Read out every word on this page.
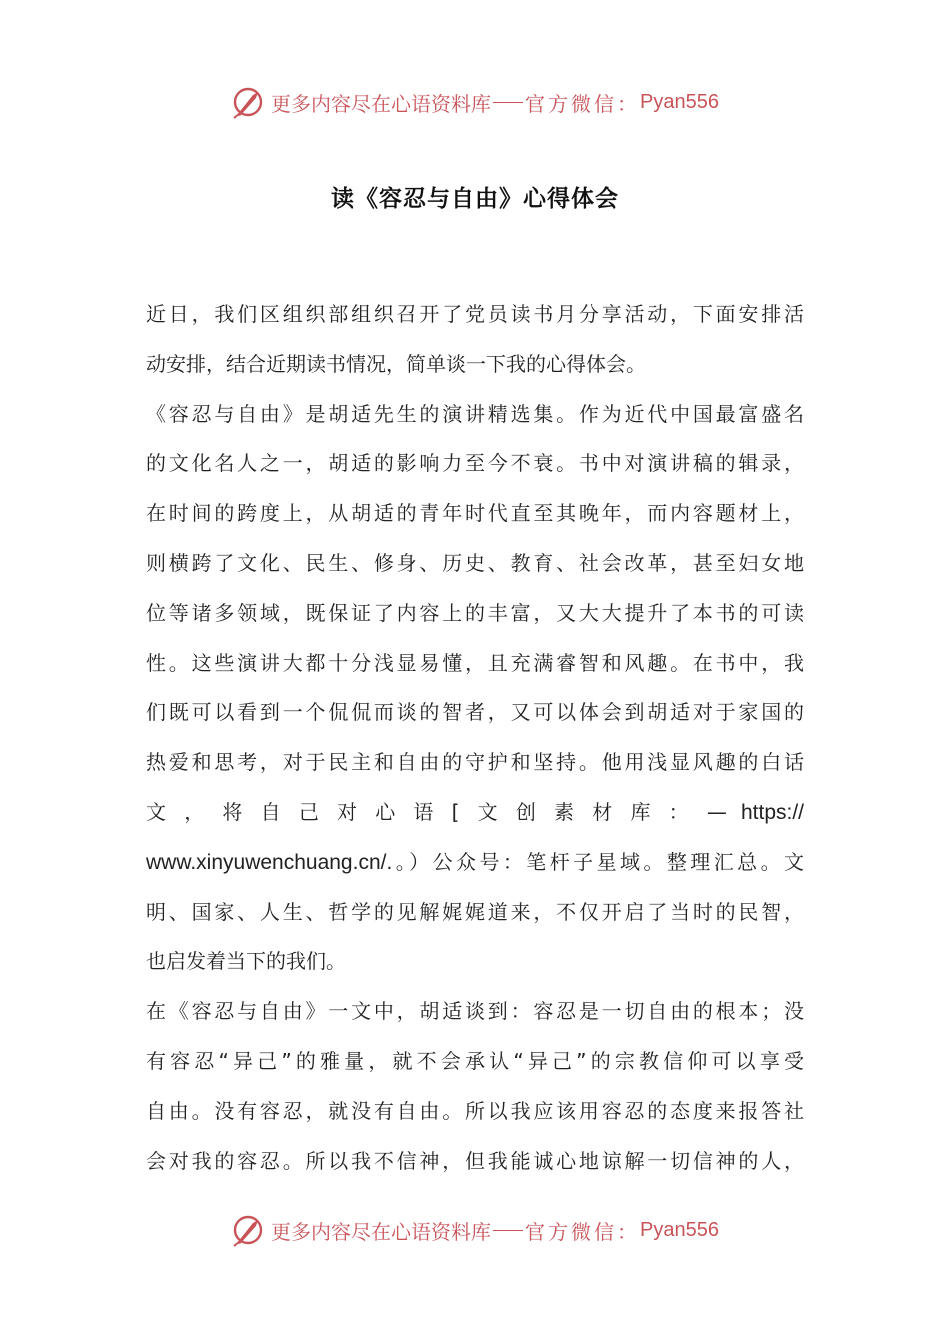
更多内容尽在心语资料库 官方微信： Pyan556
读《容忍与自由》心得体会
近日，我们区组织部组织召开了党员读书月分享活动，下面安排活
动安排，结合近期读书情况，简单谈一下我的心得体会。
《容忍与自由》是胡适先生的演讲精选集。作为近代中国最富盛名
的文化名人之一，胡适的影响力至今不衰。书中对演讲稿的辑录，
在时间的跨度上，从胡适的青年时代直至其晚年，而内容题材上，
则横跨了文化、民生、修身、历史、教育、社会改革，甚至妇女地
位等诸多领域，既保证了内容上的丰富，又大大提升了本书的可读
性。这些演讲大都十分浅显易懂，且充满睿智和风趣。在书中，我
们既可以看到一个侃侃而谈的智者，又可以体会到胡适对于家国的
热爱和思考，对于民主和自由的守护和坚持。他用浅显风趣的白话
文 ， 将 自 己 对 心 语 [ 文 创 素 材 库 ： — https://
www.xinyuwenchuang.cn/.。）公众号：笔杆子星域。整理汇总。文
明、国家、人生、哲学的见解娓娓道来，不仅开启了当时的民智，
也启发着当下的我们。
在《容忍与自由》一文中，胡适谈到：容忍是一切自由的根本；没
有容忍“异己”的雅量，就不会承认“异己”的宗教信仰可以享受
自由。没有容忍，就没有自由。所以我应该用容忍的态度来报答社
会对我的容忍。所以我不信神，但我能诚心地谅解一切信神的人，
更多内容尽在心语资料库 官方微信： Pyan556
